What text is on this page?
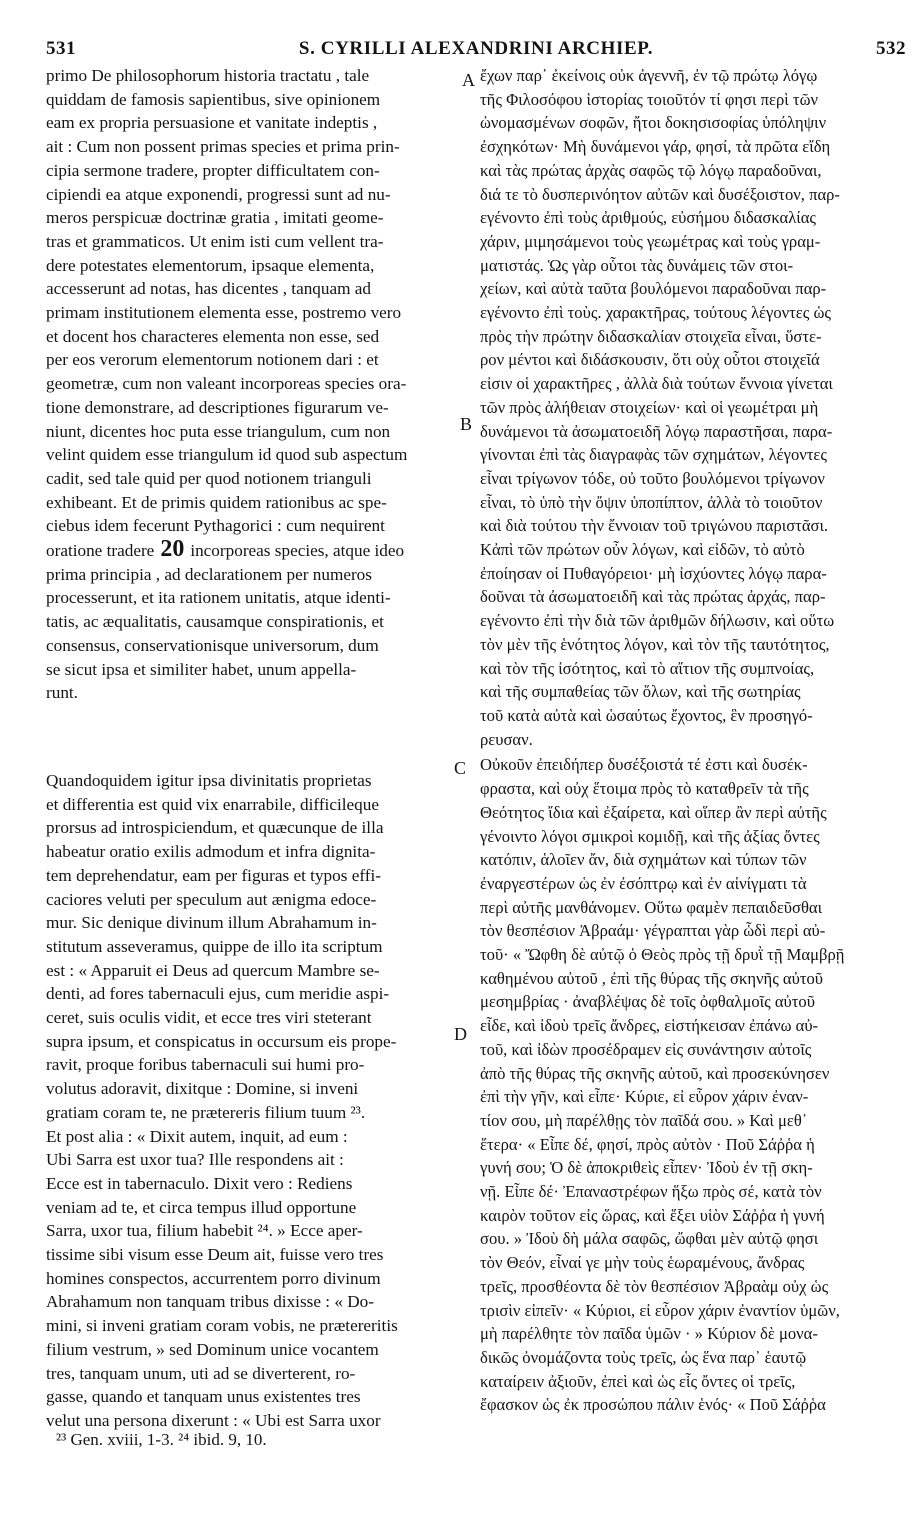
531	S. CYRILLI ALEXANDRINI ARCHIEP.	532

primo De philosophorum historia tractatu , tale
quiddam de famosis sapientibus, sive opinionem
eam ex propria persuasione et vanitate indeptis ,
ait : Cum non possent primas species et prima prin-
cipia sermone tradere, propter difficultatem con-
cipiendi ea atque exponendi, progressi sunt ad nu-
meros perspicuæ doctrinæ gratia , imitati geome-
tras et grammaticos. Ut enim isti cum vellent tra-
dere potestates elementorum, ipsaque elementa,
accesserunt ad notas, has dicentes , tanquam ad
primam institutionem elementa esse, postremo vero
et docent hos characteres elementa non esse, sed
per eos verorum elementorum notionem dari : et
geometræ, cum non valeant incorporeas species ora-
tione demonstrare, ad descriptiones figurarum ve-
niunt, dicentes hoc puta esse triangulum, cum non
velint quidem esse triangulum id quod sub aspectum
cadit, sed tale quid per quod notionem trianguli
exhibeant. Et de primis quidem rationibus ac spe-
ciebus idem fecerunt Pythagorici : cum nequirent
oratione tradere 20 incorporeas species, atque ideo
prima principia , ad declarationem per numeros
processerunt, et ita rationem unitatis, atque identi-
tatis, ac æqualitatis, causamque conspirationis, et
consensus, conservationisque universorum, dum
se sicut ipsa et similiter habet, unum appella-
runt.

Quandoquidem igitur ipsa divinitatis proprietas
et differentia est quid vix enarrabile, difficileque
prorsus ad introspiciendum, et quæcunque de illa
habeatur oratio exilis admodum et infra dignita-
tem deprehendatur, eam per figuras et typos effi-
caciores veluti per speculum aut ænigma edoce-
mur. Sic denique divinum illum Abrahamum in-
stitutum asseveramus, quippe de illo ita scriptum
est : « Apparuit ei Deus ad quercum Mambre se-
denti, ad fores tabernaculi ejus, cum meridie aspi-
ceret, suis oculis vidit, et ecce tres viri steterant
supra ipsum, et conspicatus in occursum eis prope-
ravit, proque foribus tabernaculi sui humi pro-
volutus adoravit, dixitque : Domine, si inveni
gratiam coram te, ne prætereris filium tuum ²³.
Et post alia : « Dixit autem, inquit, ad eum :
Ubi Sarra est uxor tua? Ille respondens ait :
Ecce est in tabernaculo. Dixit vero : Rediens
veniam ad te, et circa tempus illud opportune
Sarra, uxor tua, filium habebit ²⁴. » Ecce aper-
tissime sibi visum esse Deum ait, fuisse vero tres
homines conspectos, accurrentem porro divinum
Abrahamum non tanquam tribus dixisse : « Do-
mini, si inveni gratiam coram vobis, ne prætereritis
filium vestrum, » sed Dominum unice vocantem
tres, tanquam unum, uti ad se diverterent, ro-
gasse, quando et tanquam unus existentes tres
velut una persona dixerunt : « Ubi est Sarra uxor

ἔχων παρ᾽ ἐκείνοις οὐκ ἀγεννῆ, ἐν τῷ πρώτῳ λόγῳ
τῆς Φιλοσόφου ἱστορίας τοιοῦτόν τί φησι περὶ τῶν
ὠνομασμένων σοφῶν, ἤτοι δοκησισοφίας ὑπόληψιν
ἐσχηκότων· Μὴ δυνάμενοι γάρ, φησί, τὰ πρῶτα εἴδη
καὶ τὰς πρώτας ἀρχὰς σαφῶς τῷ λόγῳ παραδοῦναι,
διά τε τὸ δυσπερινόητον αὐτῶν καὶ δυσέξοιστον, παρ-
εγένοντο ἐπὶ τοὺς ἀριθμούς, εὐσήμου διδασκαλίας
χάριν, μιμησάμενοι τοὺς γεωμέτρας καὶ τοὺς γραμ-
ματιστάς. Ὡς γὰρ οὗτοι τὰς δυνάμεις τῶν στοι-
χείων, καὶ αὐτὰ ταῦτα βουλόμενοι παραδοῦναι παρ-
εγένοντο ἐπὶ τοὺς. χαρακτῆρας, τούτους λέγοντες ὡς
πρὸς τὴν πρώτην διδασκαλίαν στοιχεῖα εἶναι, ὕστε-
ρον μέντοι καὶ διδάσκουσιν, ὅτι οὐχ οὗτοι στοιχεῖά
εἰσιν οἱ χαρακτῆρες , ἀλλὰ διὰ τούτων ἔννοια γίνεται
τῶν πρὸς ἀλήθειαν στοιχείων· καὶ οἱ γεωμέτραι μὴ
δυνάμενοι τὰ ἀσωματοειδῆ λόγῳ παραστῆσαι, παρα-
γίνονται ἐπὶ τὰς διαγραφὰς τῶν σχημάτων, λέγοντες
εἶναι τρίγωνον τόδε, οὐ τοῦτο βουλόμενοι τρίγωνον
εἶναι, τὸ ὑπὸ τὴν ὄψιν ὑποπίπτον, ἀλλὰ τὸ τοιοῦτον
καὶ διὰ τούτου τὴν ἔννοιαν τοῦ τριγώνου παριστᾶσι.
Κἀπὶ τῶν πρώτων οὖν λόγων, καὶ εἰδῶν, τὸ αὐτὸ
ἐποίησαν οἱ Πυθαγόρειοι· μὴ ἰσχύοντες λόγῳ παρα-
δοῦναι τὰ ἀσωματοειδῆ καὶ τὰς πρώτας ἀρχάς, παρ-
εγένοντο ἐπὶ τὴν διὰ τῶν ἀριθμῶν δήλωσιν, καὶ οὕτω
τὸν μὲν τῆς ἑνότητος λόγον, καὶ τὸν τῆς ταυτότητος,
καὶ τὸν τῆς ἰσότητος, καὶ τὸ αἴτιον τῆς συμπνοίας,
καὶ τῆς συμπαθείας τῶν ὅλων, καὶ τῆς σωτηρίας
τοῦ κατὰ αὐτὰ καὶ ὡσαύτως ἔχοντος, ἓν προσηγό-
ρευσαν.

Οὐκοῦν ἐπειδήπερ δυσέξοιστά τέ ἐστι καὶ δυσέκ-
φραστα, καὶ οὐχ ἕτοιμα πρὸς τὸ καταθρεῖν τὰ τῆς
Θεότητος ἴδια καὶ ἐξαίρετα, καὶ οἵπερ ἂν περὶ αὐτῆς
γένοιντο λόγοι σμικροὶ κομιδῇ, καὶ τῆς ἀξίας ὄντες
κατόπιν, ἁλοῖεν ἄν, διὰ σχημάτων καὶ τύπων τῶν
ἐναργεστέρων ὡς ἐν ἐσόπτρῳ καὶ ἐν αἰνίγματι τὰ
περὶ αὐτῆς μανθάνομεν. Οὕτω φαμὲν πεπαιδεῦσθαι
τὸν θεσπέσιον Ἀβραάμ· γέγραπται γὰρ ὧδὶ περὶ αὐ-
τοῦ· « Ὤφθη δὲ αὐτῷ ὁ Θεὸς πρὸς τῇ δρυῒ τῇ Μαμβρῇ
καθημένου αὐτοῦ , ἐπὶ τῆς θύρας τῆς σκηνῆς αὐτοῦ
μεσημβρίας · ἀναβλέψας δὲ τοῖς ὀφθαλμοῖς αὐτοῦ
εἶδε, καὶ ἰδοὺ τρεῖς ἄνδρες, εἱστήκεισαν ἐπάνω αὐ-
τοῦ, καὶ ἰδὼν προσέδραμεν εἰς συνάντησιν αὐτοῖς
ἀπὸ τῆς θύρας τῆς σκηνῆς αὐτοῦ, καὶ προσεκύνησεν
ἐπὶ τὴν γῆν, καὶ εἶπε· Κύριε, εἰ εὗρον χάριν ἐναν-
τίον σου, μὴ παρέλθῃς τὸν παῖδά σου. » Καὶ μεθ᾽
ἕτερα· « Εἶπε δέ, φησί, πρὸς αὐτὸν · Ποῦ Σάῤῥα ἡ
γυνή σου; Ὁ δὲ ἀποκριθεὶς εἶπεν· Ἰδοὺ ἐν τῇ σκη-
νῇ. Εἶπε δέ· Ἐπαναστρέφων ἥξω πρὸς σέ, κατὰ τὸν
καιρὸν τοῦτον εἰς ὥρας, καὶ ἕξει υἱὸν Σάῤῥα ἡ γυνή
σου. » Ἰδοὺ δὴ μάλα σαφῶς, ὤφθαι μὲν αὐτῷ φησι
τὸν Θεόν, εἶναί γε μὴν τοὺς ἑωραμένους, ἄνδρας
τρεῖς, προσθέοντα δὲ τὸν θεσπέσιον Ἀβραὰμ οὐχ ὡς
τρισὶν εἰπεῖν· « Κύριοι, εἰ εὗρον χάριν ἐναντίον ὑμῶν,
μὴ παρέλθητε τὸν παῖδα ὑμῶν · » Κύριον δὲ μονα-
δικῶς ὀνομάζοντα τοὺς τρεῖς, ὡς ἕνα παρ᾽ ἑαυτῷ
καταίρειν ἀξιοῦν, ἐπεὶ καὶ ὡς εἷς ὄντες οἱ τρεῖς,
ἔφασκον ὡς ἐκ προσώπου πάλιν ἑνός· « Ποῦ Σάῤῥα

A
B
C
D
²³ Gen. xviii, 1-3. ²⁴ ibid. 9, 10.
